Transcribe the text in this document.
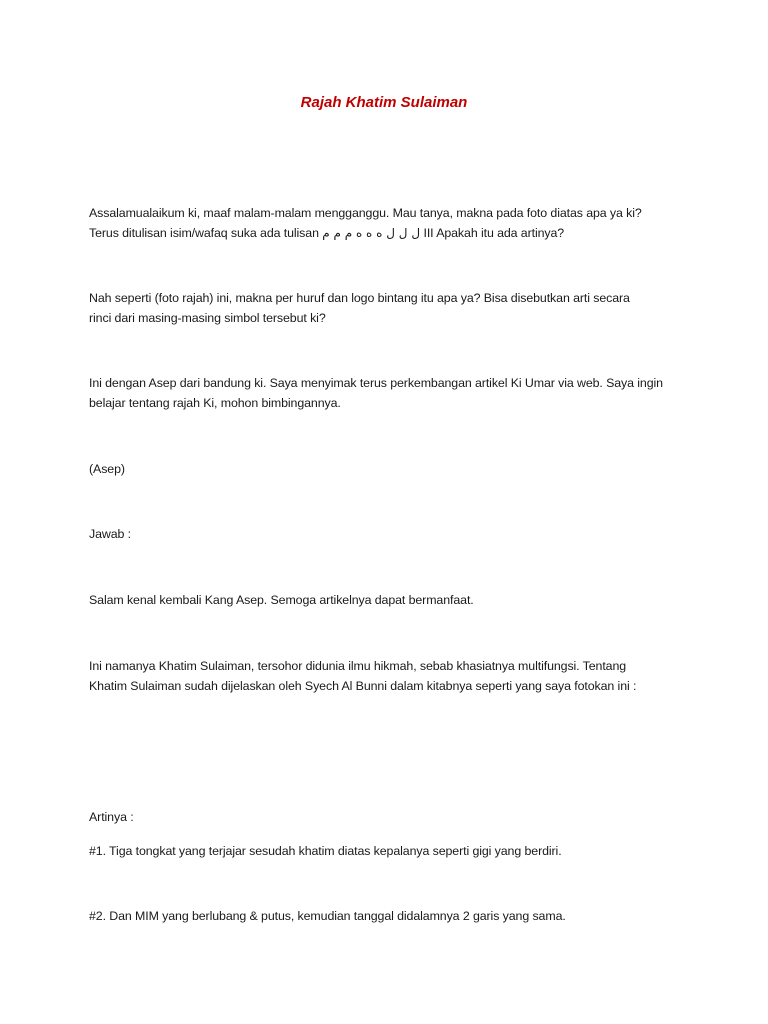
Rajah Khatim Sulaiman

Assalamualaikum ki, maaf malam-malam mengganggu. Mau tanya, makna pada foto diatas apa ya ki?
Terus ditulisan isim/wafaq suka ada tulisan ل ل ل ه ه ه م م م III Apakah itu ada artinya?

Nah seperti (foto rajah) ini, makna per huruf dan logo bintang itu apa ya? Bisa disebutkan arti secara
rinci dari masing-masing simbol tersebut ki?

Ini dengan Asep dari bandung ki. Saya menyimak terus perkembangan artikel Ki Umar via web. Saya ingin
belajar tentang rajah Ki, mohon bimbingannya.

(Asep)

Jawab :

Salam kenal kembali Kang Asep. Semoga artikelnya dapat bermanfaat.

Ini namanya Khatim Sulaiman, tersohor didunia ilmu hikmah, sebab khasiatnya multifungsi. Tentang
Khatim Sulaiman sudah dijelaskan oleh Syech Al Bunni dalam kitabnya seperti yang saya fotokan ini :

Artinya :

#1. Tiga tongkat yang terjajar sesudah khatim diatas kepalanya seperti gigi yang berdiri.

#2. Dan MIM yang berlubang & putus, kemudian tanggal didalamnya 2 garis yang sama.
